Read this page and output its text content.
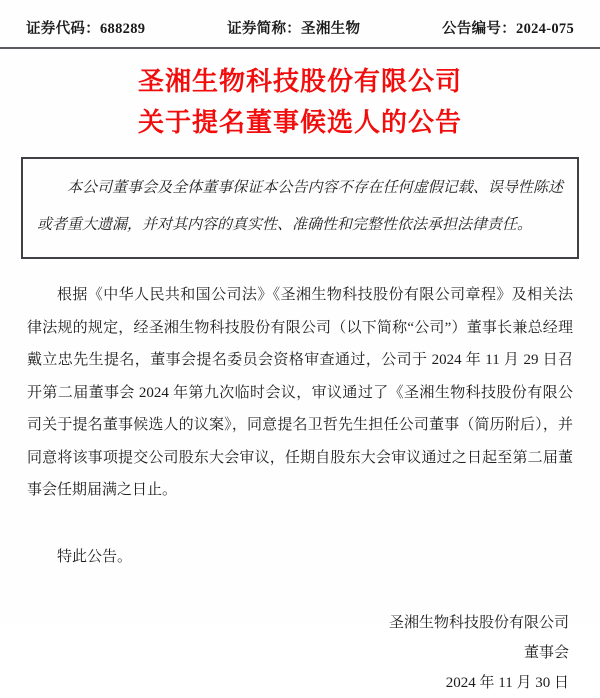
证券代码：688289	证券简称：圣湘生物	公告编号：2024-075
圣湘生物科技股份有限公司
关于提名董事候选人的公告

本公司董事会及全体董事保证本公告内容不存在任何虚假记载、误导性陈述或者重大遗漏，并对其内容的真实性、准确性和完整性依法承担法律责任。

根据《中华人民共和国公司法》《圣湘生物科技股份有限公司章程》及相关法律法规的规定，经圣湘生物科技股份有限公司（以下简称“公司”）董事长兼总经理戴立忠先生提名，董事会提名委员会资格审查通过，公司于 2024 年 11 月 29 日召开第二届董事会 2024 年第九次临时会议，审议通过了《圣湘生物科技股份有限公司关于提名董事候选人的议案》，同意提名卫哲先生担任公司董事（简历附后），并同意将该事项提交公司股东大会审议，任期自股东大会审议通过之日起至第二届董事会任期届满之日止。

特此公告。

圣湘生物科技股份有限公司
董事会
2024 年 11 月 30 日
